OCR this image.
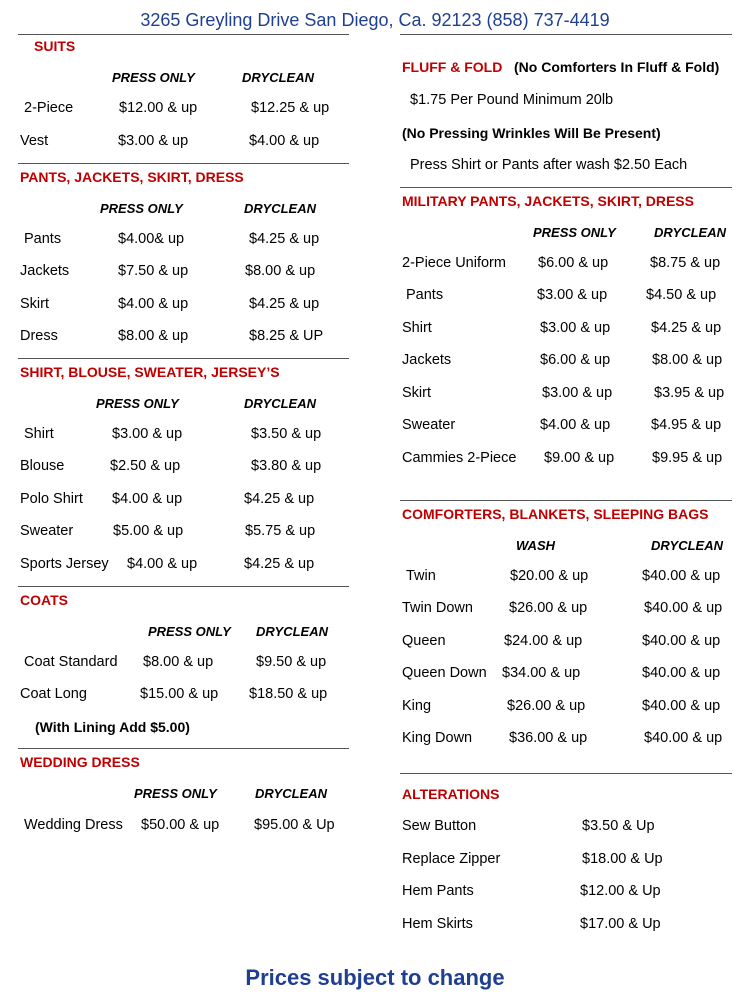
3265 Greyling Drive San Diego, Ca. 92123 (858) 737-4419
SUITS
PRESS ONLY	DRYCLEAN
2-Piece	$12.00 & up	$12.25 & up
Vest	$3.00 & up	$4.00 & up
PANTS, JACKETS, SKIRT, DRESS
PRESS ONLY	DRYCLEAN
Pants	$4.00& up	$4.25 & up
Jackets	$7.50 & up	$8.00 & up
Skirt	$4.00 & up	$4.25 & up
Dress	$8.00 & up	$8.25 & UP
SHIRT, BLOUSE, SWEATER, JERSEY’S
PRESS ONLY	DRYCLEAN
Shirt	$3.00 & up	$3.50 & up
Blouse	$2.50 & up	$3.80 & up
Polo Shirt $4.00 & up	$4.25 & up
Sweater	$5.00 & up	$5.75 & up
Sports Jersey $4.00 & up	$4.25 & up
COATS
PRESS ONLY DRYCLEAN
Coat Standard $8.00 & up	$9.50 & up
Coat Long	$15.00 & up $18.50 & up
(With Lining Add $5.00)
WEDDING DRESS
PRESS ONLY	DRYCLEAN
Wedding Dress $50.00 & up $95.00 & Up
FLUFF & FOLD (No Comforters In Fluff & Fold)
$1.75 Per Pound Minimum 20lb
(No Pressing Wrinkles Will Be Present)
Press Shirt or Pants after wash $2.50 Each
MILITARY PANTS, JACKETS, SKIRT, DRESS
PRESS ONLY	DRYCLEAN
2-Piece Uniform $6.00 & up	$8.75 & up
Pants	$3.00 & up	$4.50 & up
Shirt	$3.00 & up	$4.25 & up
Jackets	$6.00 & up	$8.00 & up
Skirt	$3.00 & up	$3.95 & up
Sweater	$4.00 & up	$4.95 & up
Cammies 2-Piece $9.00 & up	$9.95 & up
COMFORTERS, BLANKETS, SLEEPING BAGS
WASH	DRYCLEAN
Twin	$20.00 & up	$40.00 & up
Twin Down $26.00 & up	$40.00 & up
Queen	$24.00 & up	$40.00 & up
Queen Down $34.00 & up	$40.00 & up
King	$26.00 & up	$40.00 & up
King Down	$36.00 & up	$40.00 & up
ALTERATIONS
Sew Button	$3.50 & Up
Replace Zipper	$18.00 & Up
Hem Pants	$12.00 & Up
Hem Skirts	$17.00 & Up
Prices subject to change
